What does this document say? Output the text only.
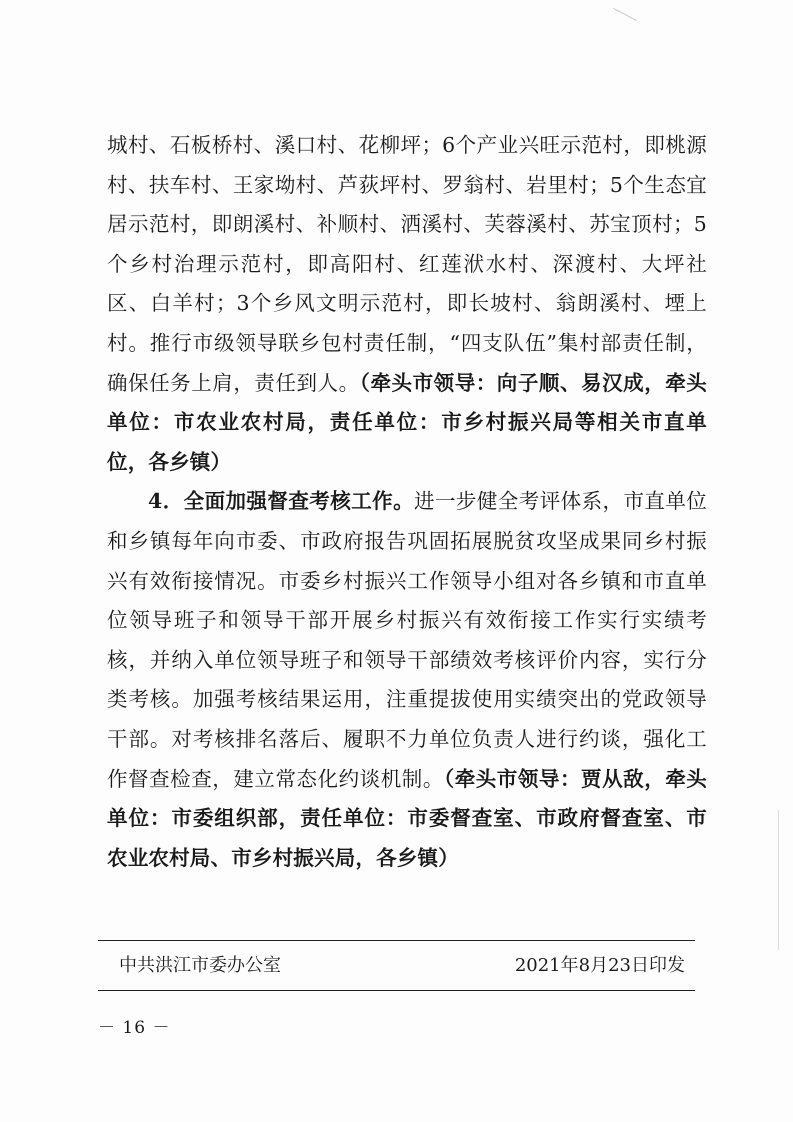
城村、石板桥村、溪口村、花柳坪；6个产业兴旺示范村，即桃源村、扶车村、王家坳村、芦荻坪村、罗翁村、岩里村；5个生态宜居示范村，即朗溪村、补顺村、洒溪村、芙蓉溪村、苏宝顶村；5个乡村治理示范村，即高阳村、红莲洑水村、深渡村、大坪社区、白羊村；3个乡风文明示范村，即长坡村、翁朗溪村、堙上村。推行市级领导联乡包村责任制，“四支队伍”集村部责任制，确保任务上肩，责任到人。（牵头市领导：向子顺、易汉成，牵头单位：市农业农村局，责任单位：市乡村振兴局等相关市直单位，各乡镇）

4．全面加强督查考核工作。进一步健全考评体系，市直单位和乡镇每年向市委、市政府报告巩固拓展脱贫攻坚成果同乡村振兴有效衔接情况。市委乡村振兴工作领导小组对各乡镇和市直单位领导班子和领导干部开展乡村振兴有效衔接工作实行实绩考核，并纳入单位领导班子和领导干部绩效考核评价内容，实行分类考核。加强考核结果运用，注重提拔使用实绩突出的党政领导干部。对考核排名落后、履职不力单位负责人进行约谈，强化工作督查检查，建立常态化约谈机制。（牵头市领导：贾从敌，牵头单位：市委组织部，责任单位：市委督查室、市政府督查室、市农业农村局、市乡村振兴局，各乡镇）

中共洪江市委办公室	2021年8月23日印发
－ 16 －
